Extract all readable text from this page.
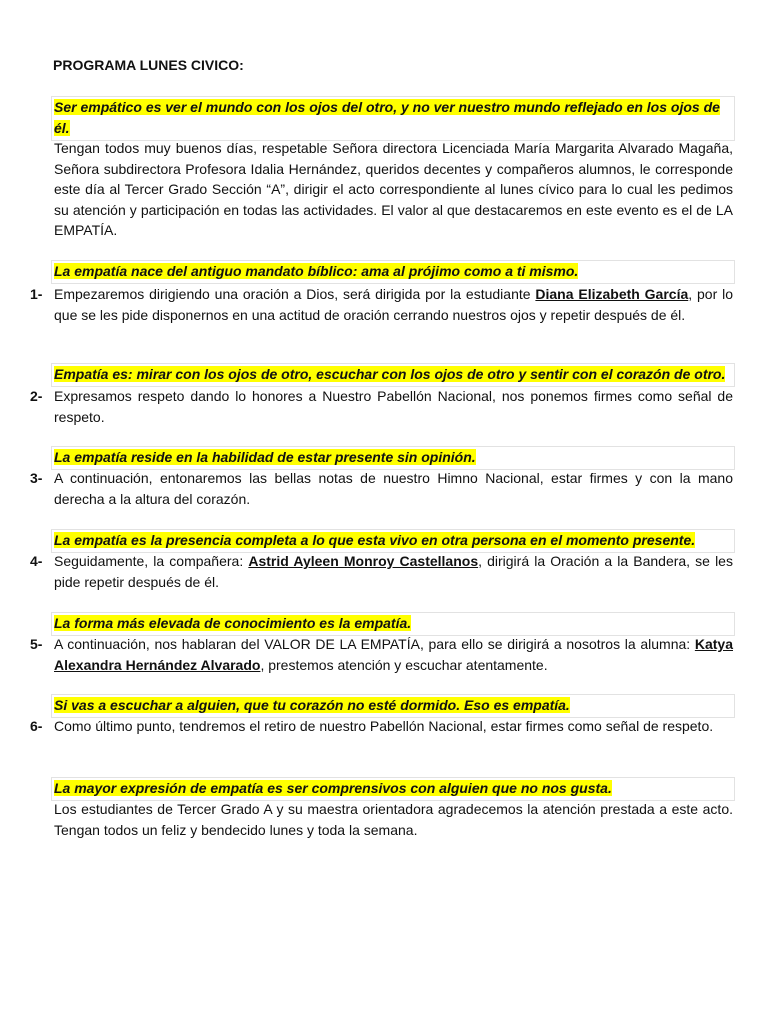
PROGRAMA LUNES CIVICO:
Ser empático es ver el mundo con los ojos del otro, y no ver nuestro mundo reflejado en los ojos de él.
Tengan todos muy buenos días, respetable Señora directora Licenciada María Margarita Alvarado Magaña, Señora subdirectora Profesora Idalia Hernández, queridos decentes y compañeros alumnos, le corresponde este día al Tercer Grado Sección “A”, dirigir el acto correspondiente al lunes cívico para lo cual les pedimos su atención y participación en todas las actividades. El valor al que destacaremos en este evento es el de LA EMPATÍA.
La empatía nace del antiguo mandato bíblico: ama al prójimo como a ti mismo.
1- Empezaremos dirigiendo una oración a Dios, será dirigida por la estudiante Diana Elizabeth García, por lo que se les pide disponernos en una actitud de oración cerrando nuestros ojos y repetir después de él.
Empatía es: mirar con los ojos de otro, escuchar con los ojos de otro y sentir con el corazón de otro.
2- Expresamos respeto dando lo honores a Nuestro Pabellón Nacional, nos ponemos firmes como señal de respeto.
La empatía reside en la habilidad de estar presente sin opinión.
3- A continuación, entonaremos las bellas notas de nuestro Himno Nacional, estar firmes y con la mano derecha a la altura del corazón.
La empatía es la presencia completa a lo que esta vivo en otra persona en el momento presente.
4- Seguidamente, la compañera: Astrid Ayleen Monroy Castellanos, dirigirá la Oración a la Bandera, se les pide repetir después de él.
La forma más elevada de conocimiento es la empatía.
5- A continuación, nos hablaran del VALOR DE LA EMPATÍA, para ello se dirigirá a nosotros la alumna: Katya Alexandra Hernández Alvarado, prestemos atención y escuchar atentamente.
Si vas a escuchar a alguien, que tu corazón no esté dormido. Eso es empatía.
6- Como último punto, tendremos el retiro de nuestro Pabellón Nacional, estar firmes como señal de respeto.
La mayor expresión de empatía es ser comprensivos con alguien que no nos gusta.
Los estudiantes de Tercer Grado A y su maestra orientadora agradecemos la atención prestada a este acto. Tengan todos un feliz y bendecido lunes y toda la semana.
